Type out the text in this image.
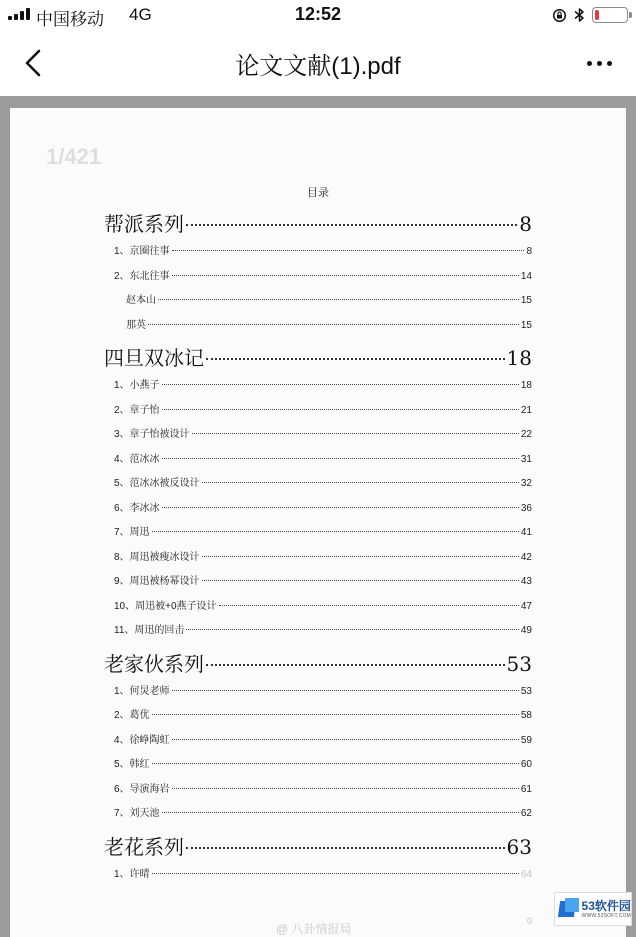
中国移动 4G	12:52
论文文献(1).pdf
1/421
目录
帮派系列	8
1、京圈往事	8
2、东北往事	14
赵本山	15
那英	15
四旦双冰记	18
1、小燕子	18
2、章子怡	21
3、章子怡被设计	22
4、范冰冰	31
5、范冰冰被反设计	32
6、李冰冰	36
7、周迅	41
8、周迅被瘦冰设计	42
9、周迅被杨幂设计	43
10、周迅被+0燕子设计	47
11、周迅的回击	49
老家伙系列	53
1、何炅老师	53
2、葛优	58
4、徐峥陶虹	59
5、韩红	60
6、导演海岩	61
7、刘天池	62
老花系列	63
1、许晴	64
@ 八卦情报局
0
53软件园
WWW.53SOFT.COM
